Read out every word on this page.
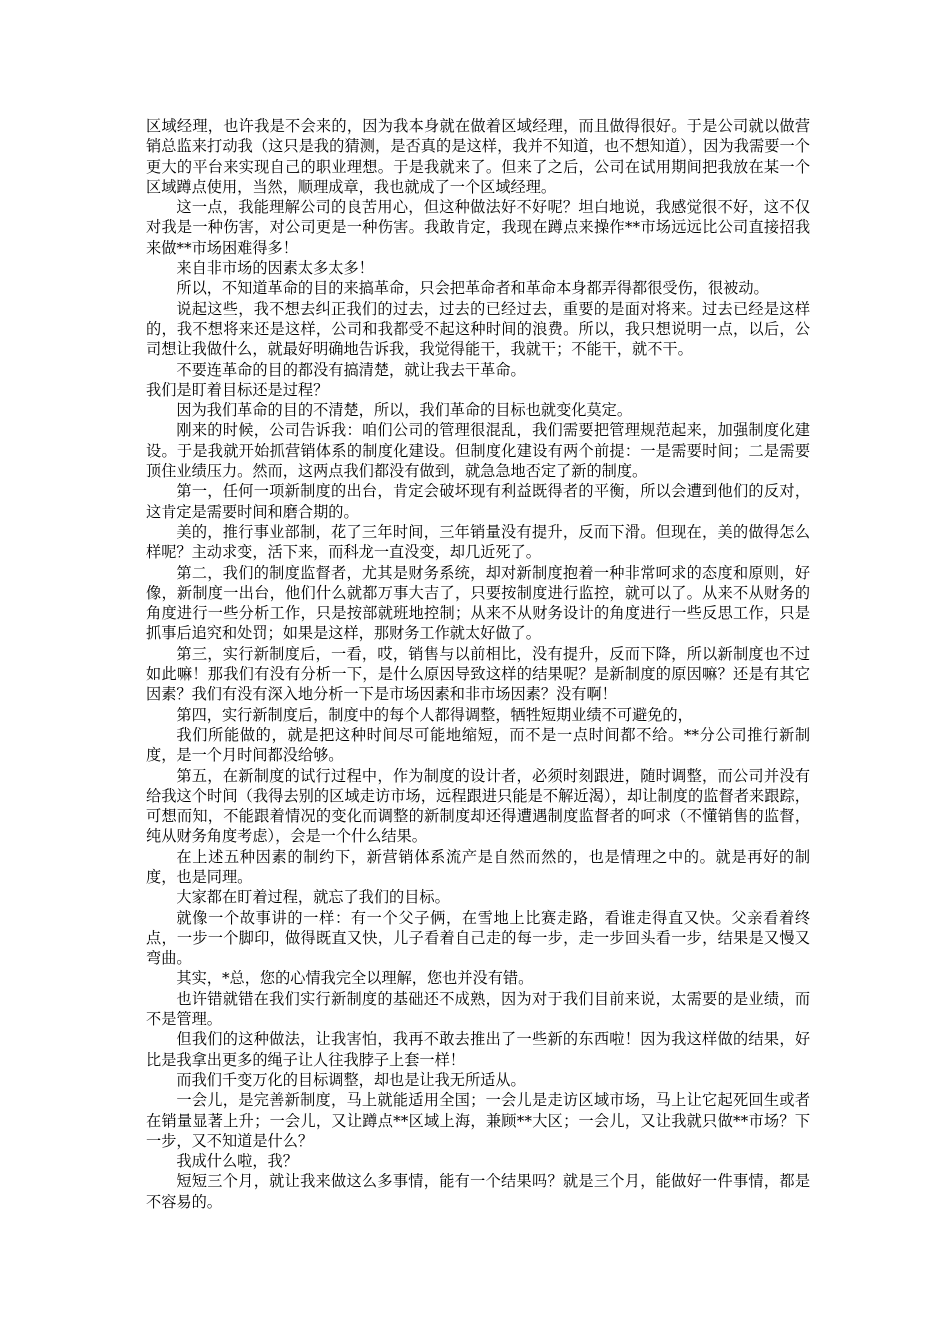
区域经理，也许我是不会来的，因为我本身就在做着区域经理，而且做得很好。于是公司就以做营销总监来打动我（这只是我的猜测，是否真的是这样，我并不知道，也不想知道），因为我需要一个更大的平台来实现自己的职业理想。于是我就来了。但来了之后，公司在试用期间把我放在某一个区域蹲点使用，当然，顺理成章，我也就成了一个区域经理。

这一点，我能理解公司的良苦用心，但这种做法好不好呢？坦白地说，我感觉很不好，这不仅对我是一种伤害，对公司更是一种伤害。我敢肯定，我现在蹲点来操作**市场远远比公司直接招我来做**市场困难得多！

来自非市场的因素太多太多！

所以，不知道革命的目的来搞革命，只会把革命者和革命本身都弄得都很受伤，很被动。

说起这些，我不想去纠正我们的过去，过去的已经过去，重要的是面对将来。过去已经是这样的，我不想将来还是这样，公司和我都受不起这种时间的浪费。所以，我只想说明一点，以后，公司想让我做什么，就最好明确地告诉我，我觉得能干，我就干；不能干，就不干。

不要连革命的目的都没有搞清楚，就让我去干革命。

我们是盯着目标还是过程？

因为我们革命的目的不清楚，所以，我们革命的目标也就变化莫定。

刚来的时候，公司告诉我：咱们公司的管理很混乱，我们需要把管理规范起来，加强制度化建设。于是我就开始抓营销体系的制度化建设。但制度化建设有两个前提：一是需要时间；二是需要顶住业绩压力。然而，这两点我们都没有做到，就急急地否定了新的制度。

第一，任何一项新制度的出台，肯定会破坏现有利益既得者的平衡，所以会遭到他们的反对，这肯定是需要时间和磨合期的。

美的，推行事业部制，花了三年时间，三年销量没有提升，反而下滑。但现在，美的做得怎么样呢？主动求变，活下来，而科龙一直没变，却几近死了。

第二，我们的制度监督者，尤其是财务系统，却对新制度抱着一种非常呵求的态度和原则，好像，新制度一出台，他们什么就都万事大吉了，只要按制度进行监控，就可以了。从来不从财务的角度进行一些分析工作，只是按部就班地控制；从来不从财务设计的角度进行一些反思工作，只是抓事后追究和处罚；如果是这样，那财务工作就太好做了。

第三，实行新制度后，一看，哎，销售与以前相比，没有提升，反而下降，所以新制度也不过如此嘛！那我们有没有分析一下，是什么原因导致这样的结果呢？是新制度的原因嘛？还是有其它因素？我们有没有深入地分析一下是市场因素和非市场因素？没有啊！

第四，实行新制度后，制度中的每个人都得调整，牺牲短期业绩不可避免的，

我们所能做的，就是把这种时间尽可能地缩短，而不是一点时间都不给。**分公司推行新制度，是一个月时间都没给够。

第五，在新制度的试行过程中，作为制度的设计者，必须时刻跟进，随时调整，而公司并没有给我这个时间（我得去别的区域走访市场，远程跟进只能是不解近渴），却让制度的监督者来跟踪，可想而知，不能跟着情况的变化而调整的新制度却还得遭遇制度监督者的呵求（不懂销售的监督，纯从财务角度考虑），会是一个什么结果。

在上述五种因素的制约下，新营销体系流产是自然而然的，也是情理之中的。就是再好的制度，也是同理。

大家都在盯着过程，就忘了我们的目标。

就像一个故事讲的一样：有一个父子俩，在雪地上比赛走路，看谁走得直又快。父亲看着终点，一步一个脚印，做得既直又快，儿子看着自己走的每一步，走一步回头看一步，结果是又慢又弯曲。

其实，*总，您的心情我完全以理解，您也并没有错。

也许错就错在我们实行新制度的基础还不成熟，因为对于我们目前来说，太需要的是业绩，而不是管理。

但我们的这种做法，让我害怕，我再不敢去推出了一些新的东西啦！因为我这样做的结果，好比是我拿出更多的绳子让人往我脖子上套一样！

而我们千变万化的目标调整，却也是让我无所适从。

一会儿，是完善新制度，马上就能适用全国；一会儿是走访区域市场，马上让它起死回生或者在销量显著上升；一会儿，又让蹲点**区域上海，兼顾**大区；一会儿，又让我就只做**市场？下一步，又不知道是什么？

我成什么啦，我？

短短三个月，就让我来做这么多事情，能有一个结果吗？就是三个月，能做好一件事情，都是不容易的。
